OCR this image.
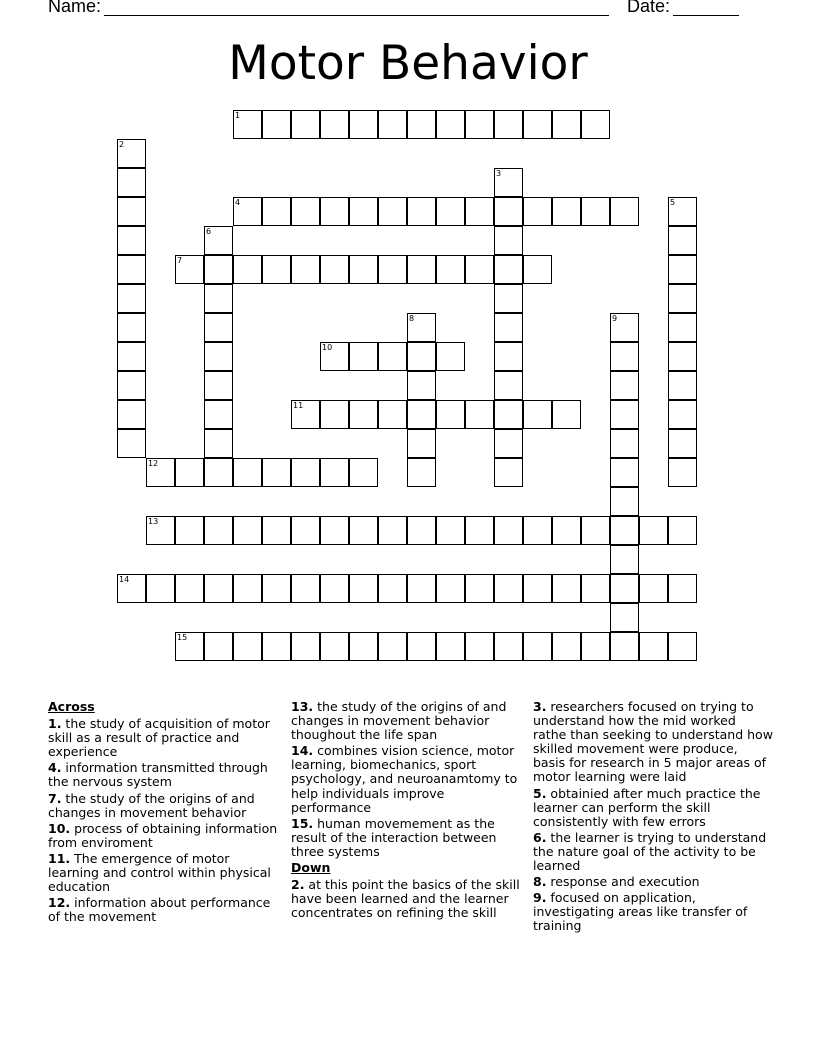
Name:	Date:
Motor Behavior
1
2
3
4	5
6
7
8	9
10
11
12
13
14
15
Across
1. the study of acquisition of motor skill as a result of practice and experience
4. information transmitted through the nervous system
7. the study of the origins of and changes in movement behavior
10. process of obtaining information from enviroment
11. The emergence of motor learning and control within physical education
12. information about performance of the movement
13. the study of the origins of and changes in movement behavior thoughout the life span
14. combines vision science, motor learning, biomechanics, sport psychology, and neuroanamtomy to help individuals improve performance
15. human movemement as the result of the interaction between three systems
Down
2. at this point the basics of the skill have been learned and the learner concentrates on refining the skill
3. researchers focused on trying to understand how the mid worked rathe than seeking to understand how skilled movement were produce, basis for research in 5 major areas of motor learning were laid
5. obtainied after much practice the learner can perform the skill consistently with few errors
6. the learner is trying to understand the nature goal of the activity to be learned
8. response and execution
9. focused on application, investigating areas like transfer of training
